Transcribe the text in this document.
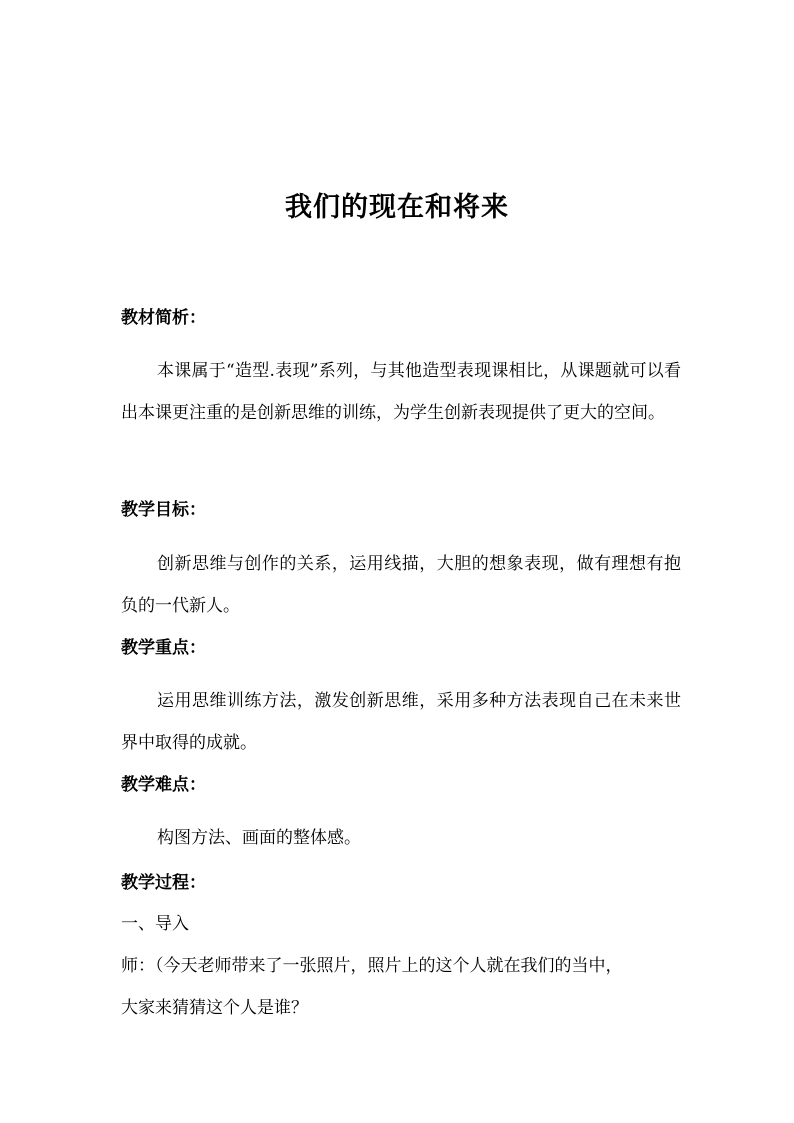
我们的现在和将来
教材简析：
本课属于“造型.表现”系列，与其他造型表现课相比，从课题就可以看出本课更注重的是创新思维的训练，为学生创新表现提供了更大的空间。
教学目标：
创新思维与创作的关系，运用线描，大胆的想象表现，做有理想有抱负的一代新人。
教学重点：
运用思维训练方法，激发创新思维，采用多种方法表现自己在未来世界中取得的成就。
教学难点：
构图方法、画面的整体感。
教学过程：
一、导入
师：（今天老师带来了一张照片，照片上的这个人就在我们的当中，
大家来猜猜这个人是谁？
